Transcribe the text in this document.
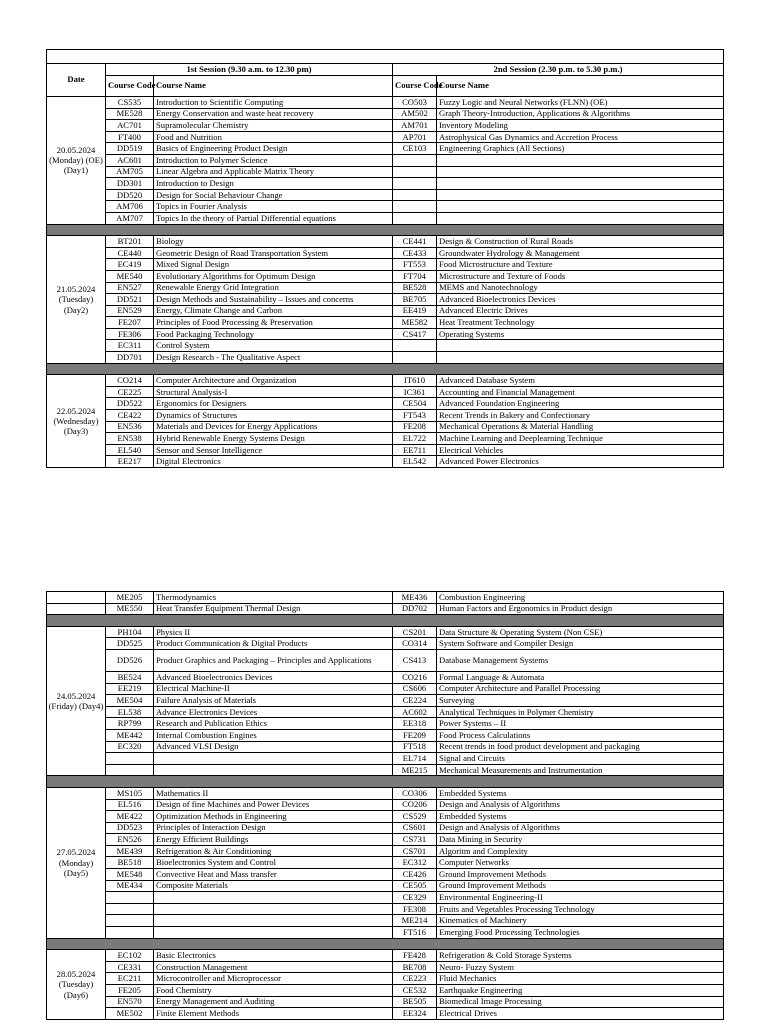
Date	1st Session (9.30 a.m. to 12.30 pm)		2nd Session (2.30 p.m. to 5.30 p.m.)	
	Course Code	Course Name	Course Code	Course Name
20.05.2024 (Monday) (OE) (Day1)	CS535	Introduction to Scientific Computing	CO503	Fuzzy Logic and Neural Networks (FLNN) (OE)
	ME528	Energy Conservation and waste heat recovery	AM502	Graph Theory-Introduction, Applications & Algorithms
	AC701	Supramolecular Chemistry	AM701	Inventory Modeling
	FT400	Food and Nutrition	AP701	Astrophysical Gas Dynamics and Accretion Process
	DD519	Basics of Engineering Product Design	CE103	Engineering Graphics (All Sections)
	AC601	Introduction to Polymer Science		
	AM705	Linear Algebra and Applicable Matrix Theory		
	DD301	Introduction to Design		
	DD520	Design for Social Behaviour Change		
	AM706	Topics in Fourier Analysis		
	AM707	Topics In the theory of Partial Differential equations		

21.05.2024 (Tuesday) (Day2)	BT201	Biology	CE441	Design & Construction of Rural Roads
	CE440	Geometric Design of Road Transportation System	CE433	Groundwater Hydrology & Management
	EC419	Mixed Signal Design	FT553	Food Microstructure and Texture
	ME540	Evolutionary Algorithms for Optimum Design	FT704	Microstructure and Texture of Foods
	EN527	Renewable Energy Grid Integration	BE528	MEMS and Nanotechnology
	DD521	Design Methods and Sustainability – Issues and concerns	BE705	Advanced Bioelectronics Devices
	EN529	Energy, Climate Change and Carbon	EE419	Advanced Electric Drives
	FE207	Principles of Food Processing & Preservation	ME582	Heat Treatment Technology
	FE306	Food Packaging Technology	CS417	Operating Systems
	EC311	Control System		
	DD701	Design Research - The Qualitative Aspect		

22.05.2024 (Wednesday) (Day3)	CO214	Computer Architecture and Organization	IT610	Advanced Database System
	CE225	Structural Analysis-I	IC361	Accounting and Financial Management
	DD522	Ergonomics for Designers	CE504	Advanced Foundation Engineering
	CE422	Dynamics of Structures	FT543	Recent Trends in Bakery and Confectionary
	EN536	Materials and Devices for Energy Applications	FE208	Mechanical Operations & Material Handling
	EN538	Hybrid Renewable Energy Systems Design	EL722	Machine Learning and Deeplearning Technique
	EL540	Sensor and Sensor Intelligence	EE711	Electrical Vehicles
	EE217	Digital Electronics	EL542	Advanced Power Electronics
	ME205	Thermodynamics	ME436	Combustion Engineering
	ME550	Heat Transfer Equipment Thermal Design	DD702	Human Factors and Ergonomics in Product design

24.05.2024 (Friday) (Day4)	PH104	Physics II	CS201	Data Structure & Operating System (Non CSE)
	DD525	Product Communication & Digital Products	CO314	System Software and Compiler Design
	DD526	Product Graphics and Packaging – Principles and Applications	CS413	Database Management Systems
	BE524	Advanced Bioelectronics Devices	CO216	Formal Language & Automata
	EE219	Electrical Machine-II	CS606	Computer Architecture and Parallel Processing
	ME504	Failure Analysis of Materials	CE224	Surveying
	EL538	Advance Electronics Devices	AC602	Analytical Techniques in Polymer Chemistry
	RP799	Research and Publication Ethics	EE318	Power Systems – II
	ME442	Internal Combustion Engines	FE209	Food Process Calculations
	EC320	Advanced VLSI Design	FT518	Recent trends in food product development and packaging
			EL714	Signal and Circuits
			ME215	Mechanical Measurements and Instrumentation

27.05.2024 (Monday) (Day5)	MS105	Mathematics II	CO306	Embedded Systems
	EL516	Design of fine Machines and Power Devices	CO206	Design and Analysis of Algorithms
	ME422	Optimization Methods in Engineering	CS529	Embedded Systems
	DD523	Principles of Interaction Design	CS601	Design and Analysis of Algorithms
	EN526	Energy Efficient Buildings	CS731	Data Mining in Security
	ME439	Refrigeration & Air Conditioning	CS701	Algoritm and Complexity
	BE518	Bioelectronics System and Control	EC312	Computer Networks
	ME548	Convective Heat and Mass transfer	CE426	Ground Improvement Methods
	ME434	Composite Materials	CE505	Ground Improvement Methods
			CE329	Environmental Engineering-II
			FE308	Fruits and Vegetables Processing Technology
			ME214	Kinematics of Machinery
			FT516	Emerging Food Processing Technologies

28.05.2024 (Tuesday) (Day6)	EC102	Basic Electronics	FE428	Refrigeration & Cold Storage Systems
	CE331	Construction Management	BE708	Neuro- Fuzzy System
	EC211	Microcontroller and Microprocessor	CE223	Fluid Mechanics
	FE205	Food Chemistry	CE532	Earthquake Engineering
	EN570	Energy Management and Auditing	BE505	Biomedical Image Processing
	ME502	Finite Element Methods	EE324	Electrical Drives
